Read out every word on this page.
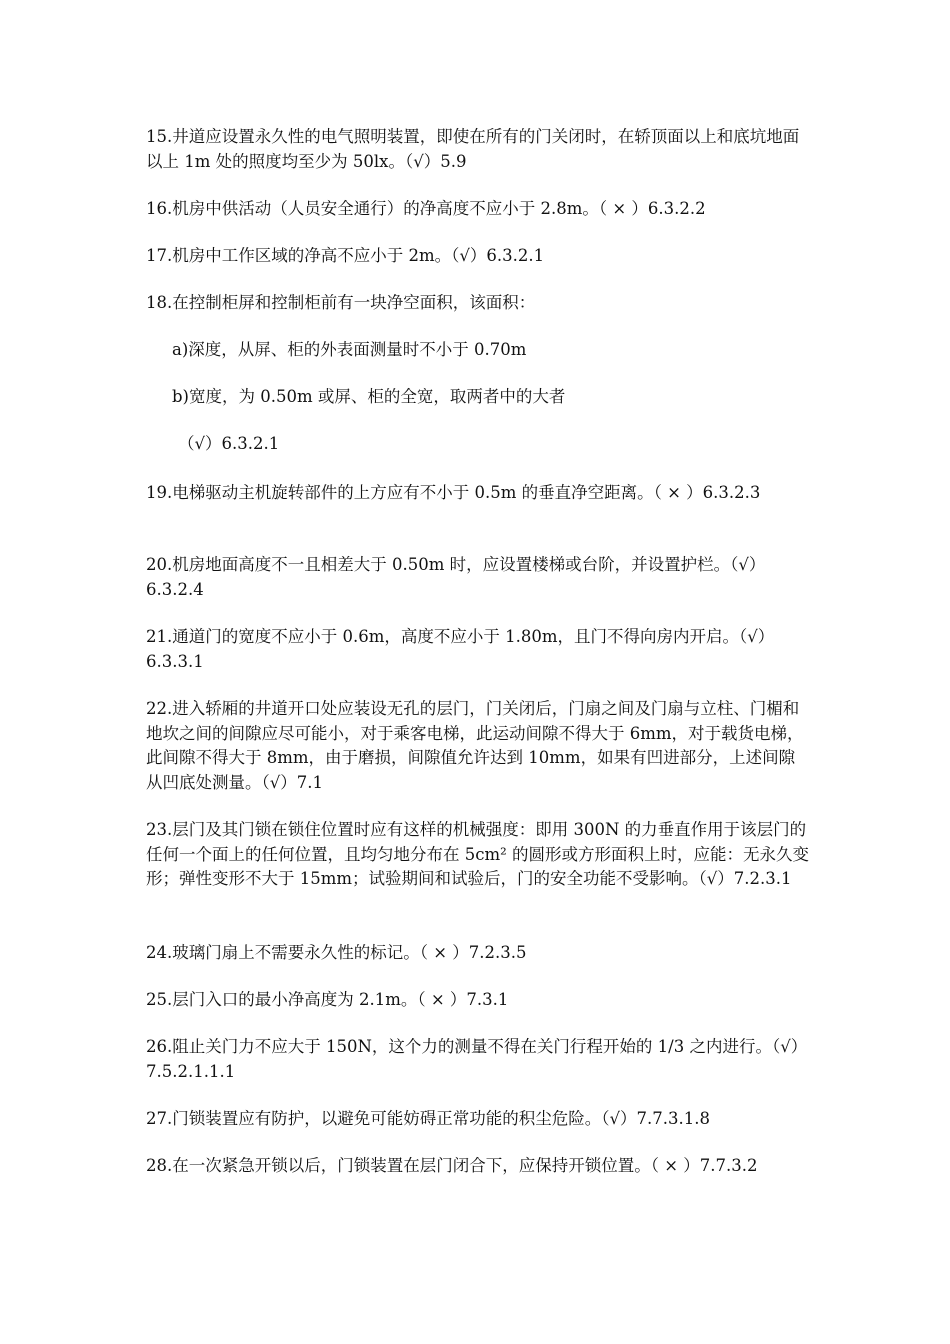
15.井道应设置永久性的电气照明装置，即使在所有的门关闭时，在轿顶面以上和底坑地面以上 1m 处的照度均至少为 50lx。（√）5.9

16.机房中供活动（人员安全通行）的净高度不应小于 2.8m。（ × ）6.3.2.2

17.机房中工作区域的净高不应小于 2m。（√）6.3.2.1

18.在控制柜屏和控制柜前有一块净空面积，该面积：

a)深度，从屏、柜的外表面测量时不小于 0.70m

b)宽度，为 0.50m 或屏、柜的全宽，取两者中的大者

（√）6.3.2.1

19.电梯驱动主机旋转部件的上方应有不小于 0.5m 的垂直净空距离。（ × ）6.3.2.3

20.机房地面高度不一且相差大于 0.50m 时，应设置楼梯或台阶，并设置护栏。（√）6.3.2.4

21.通道门的宽度不应小于 0.6m，高度不应小于 1.80m，且门不得向房内开启。（√）6.3.3.1

22.进入轿厢的井道开口处应装设无孔的层门，门关闭后，门扇之间及门扇与立柱、门楣和地坎之间的间隙应尽可能小，对于乘客电梯，此运动间隙不得大于 6mm，对于载货电梯，此间隙不得大于 8mm，由于磨损，间隙值允许达到 10mm，如果有凹进部分，上述间隙从凹底处测量。（√）7.1

23.层门及其门锁在锁住位置时应有这样的机械强度：即用 300N 的力垂直作用于该层门的任何一个面上的任何位置，且均匀地分布在 5cm² 的圆形或方形面积上时，应能：无永久变形；弹性变形不大于 15mm；试验期间和试验后，门的安全功能不受影响。（√）7.2.3.1

24.玻璃门扇上不需要永久性的标记。（ × ）7.2.3.5

25.层门入口的最小净高度为 2.1m。（ × ）7.3.1

26.阻止关门力不应大于 150N，这个力的测量不得在关门行程开始的 1/3 之内进行。（√）7.5.2.1.1.1

27.门锁装置应有防护，以避免可能妨碍正常功能的积尘危险。（√）7.7.3.1.8

28.在一次紧急开锁以后，门锁装置在层门闭合下，应保持开锁位置。（ × ）7.7.3.2
